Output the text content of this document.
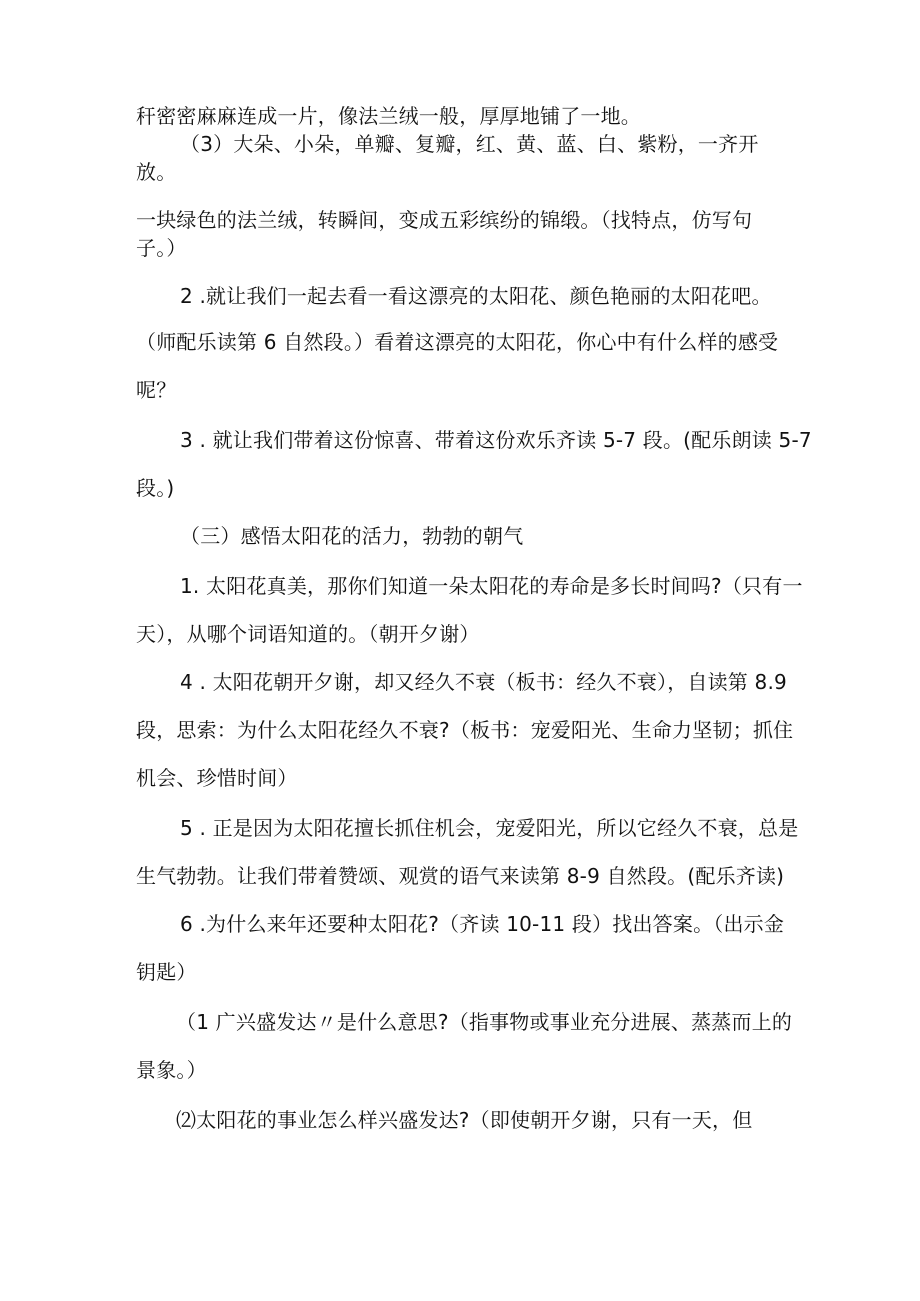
秆密密麻麻连成一片，像法兰绒一般，厚厚地铺了一地。
（3）大朵、小朵，单瓣、复瓣，红、黄、蓝、白、紫粉，一齐开
放。
一块绿色的法兰绒，转瞬间，变成五彩缤纷的锦缎。（找特点，仿写句
子。）
2 .就让我们一起去看一看这漂亮的太阳花、颜色艳丽的太阳花吧。
（师配乐读第 6 自然段。）看着这漂亮的太阳花，你心中有什么样的感受
呢？
3 . 就让我们带着这份惊喜、带着这份欢乐齐读 5-7 段。(配乐朗读 5-7
段。)
（三）感悟太阳花的活力，勃勃的朝气
1. 太阳花真美，那你们知道一朵太阳花的寿命是多长时间吗?（只有一
天），从哪个词语知道的。（朝开夕谢）
4 . 太阳花朝开夕谢，却又经久不衰（板书：经久不衰），自读第 8.9
段，思索：为什么太阳花经久不衰?（板书：宠爱阳光、生命力坚韧；抓住
机会、珍惜时间）
5 . 正是因为太阳花擅长抓住机会，宠爱阳光，所以它经久不衰，总是
生气勃勃。让我们带着赞颂、观赏的语气来读第 8-9 自然段。(配乐齐读)
6 .为什么来年还要种太阳花?（齐读 10-11 段）找出答案。（出示金
钥匙）
（1 广兴盛发达〃是什么意思?（指事物或事业充分进展、蒸蒸而上的
景象。）
⑵太阳花的事业怎么样兴盛发达?（即使朝开夕谢，只有一天，但
